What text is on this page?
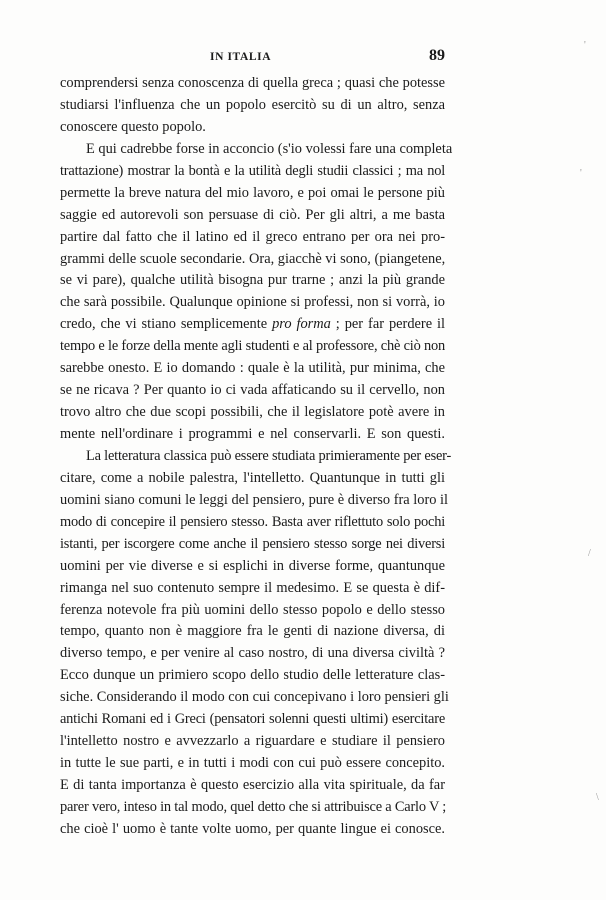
IN ITALIA	89
comprendersi senza conoscenza di quella greca ; quasi che potesse
studiarsi l'influenza che un popolo esercitò su di un altro, senza
conoscere questo popolo.
E qui cadrebbe forse in acconcio (s'io volessi fare una completa
trattazione) mostrar la bontà e la utilità degli studii classici ; ma nol
permette la breve natura del mio lavoro, e poi omai le persone più
saggie ed autorevoli son persuase di ciò. Per gli altri, a me basta
partire dal fatto che il latino ed il greco entrano per ora nei pro-
grammi delle scuole secondarie. Ora, giacchè vi sono, (piangetene,
se vi pare), qualche utilità bisogna pur trarne ; anzi la più grande
che sarà possibile. Qualunque opinione si professi, non si vorrà, io
credo, che vi stiano semplicemente pro forma ; per far perdere il
tempo e le forze della mente agli studenti e al professore, chè ciò non
sarebbe onesto. E io domando : quale è la utilità, pur minima, che
se ne ricava ? Per quanto io ci vada affaticando su il cervello, non
trovo altro che due scopi possibili, che il legislatore potè avere in
mente nell'ordinare i programmi e nel conservarli. E son questi.
La letteratura classica può essere studiata primieramente per eser-
citare, come a nobile palestra, l'intelletto. Quantunque in tutti gli
uomini siano comuni le leggi del pensiero, pure è diverso fra loro il
modo di concepire il pensiero stesso. Basta aver riflettuto solo pochi
istanti, per iscorgere come anche il pensiero stesso sorge nei diversi
uomini per vie diverse e si esplichi in diverse forme, quantunque
rimanga nel suo contenuto sempre il medesimo. E se questa è dif-
ferenza notevole fra più uomini dello stesso popolo e dello stesso
tempo, quanto non è maggiore fra le genti di nazione diversa, di
diverso tempo, e per venire al caso nostro, di una diversa civiltà ?
Ecco dunque un primiero scopo dello studio delle letterature clas-
siche. Considerando il modo con cui concepivano i loro pensieri gli
antichi Romani ed i Greci (pensatori solenni questi ultimi) esercitare
l'intelletto nostro e avvezzarlo a riguardare e studiare il pensiero
in tutte le sue parti, e in tutti i modi con cui può essere concepito.
E di tanta importanza è questo esercizio alla vita spirituale, da far
parer vero, inteso in tal modo, quel detto che si attribuisce a Carlo V ;
che cioè l' uomo è tante volte uomo, per quante lingue ei conosce.
'
'
/
\
